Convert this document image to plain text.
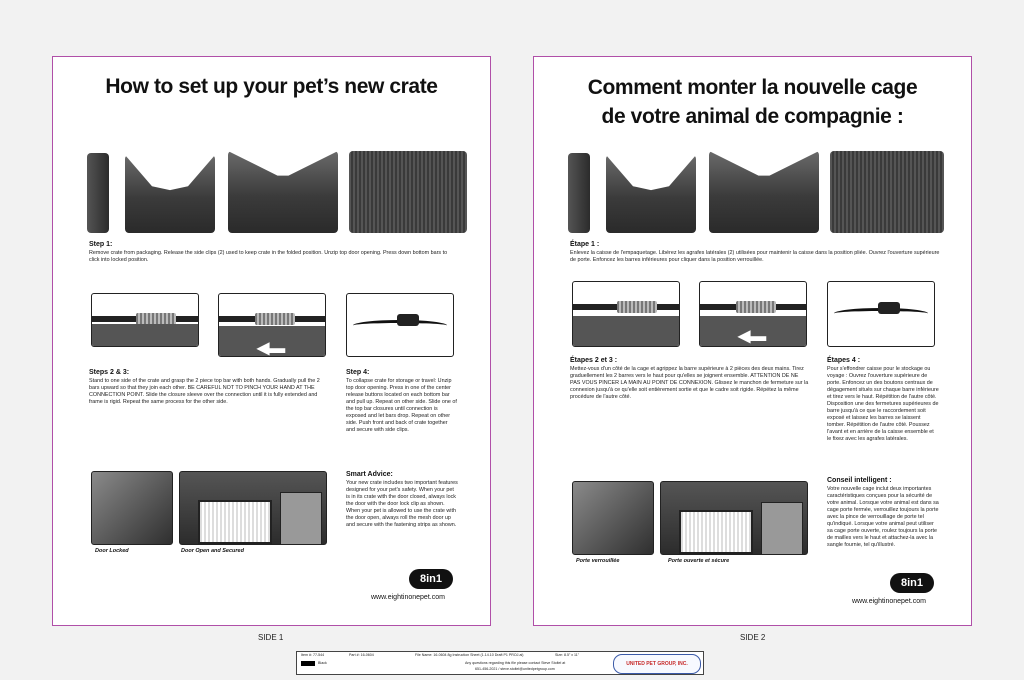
How to set up your pet’s new crate
Step 1:
Remove crate from packaging. Release the side clips (2) used to keep crate in the folded position. Unzip top door opening. Press down bottom bars to click into locked position.
◀▬
Steps 2 & 3:
Stand to one side of the crate and grasp the 2 piece top bar with both hands. Gradually pull the 2 bars upward so that they join each other. BE CAREFUL NOT TO PINCH YOUR HAND AT THE CONNECTION POINT. Slide the closure sleeve over the connection until it is fully extended and frame is rigid. Repeat the same process for the other side.
Step 4:
To collapse crate for storage or travel: Unzip top door opening. Press in one of the center release buttons located on each bottom bar and pull up. Repeat on other side. Slide one of the top bar closures until connection is exposed and let bars drop. Repeat on other side. Push front and back of crate together and secure with side clips.
Door Locked	Door Open and Secured
Smart Advice:
Your new crate includes two important features designed for your pet's safety. When your pet is in its crate with the door closed, always lock the door with the door lock clip as shown. When your pet is allowed to use the crate with the door open, always roll the mesh door up and secure with the fastening strips as shown.
8in1
www.eightinonepet.com
Comment monter la nouvelle cage
de votre animal de compagnie :
Étape 1 :
Enlevez la caisse de l'empaquetage. Libérez les agrafes latérales (2) utilisées pour maintenir la caisse dans la position pliée. Ouvrez l'ouverture supérieure de porte. Enfoncez les barres inférieures pour cliquer dans la position verrouillée.
◀▬
Étapes 2 et 3 :
Mettez-vous d'un côté de la cage et agrippez la barre supérieure à 2 pièces des deux mains. Tirez graduellement les 2 barres vers le haut pour qu'elles se joignent ensemble. ATTENTION DE NE PAS VOUS PINCER LA MAIN AU POINT DE CONNEXION. Glissez le manchon de fermeture sur la connexion jusqu'à ce qu'elle soit entièrement sortie et que le cadre soit rigide. Répétez la même procédure de l'autre côté.
Étapes 4 :
Pour s'effondrer caisse pour le stockage ou voyage : Ouvrez l'ouverture supérieure de porte. Enfoncez un des boutons centraux de dégagement situés sur chaque barre inférieure et tirez vers le haut. Répétition de l'autre côté. Disposition une des fermetures supérieures de barre jusqu'à ce que le raccordement soit exposé et laissez les barres se laissent tomber. Répétition de l'autre côté. Poussez l'avant et en arrière de la caisse ensemble et le fixez avec les agrafes latérales.
Porte verrouillée	Porte ouverte et sécure
Conseil intelligent :
Votre nouvelle cage inclut deux importantes caractéristiques conçues pour la sécurité de votre animal. Lorsque votre animal est dans sa cage porte fermée, verrouillez toujours la porte avec la pince de verrouillage de porte tel qu'indiqué. Lorsque votre animal peut utiliser sa cage porte ouverte, roulez toujours la porte de mailles vers le haut et attachez-la avec la sangle fournie, tel qu'illustré.
8in1
www.eightinonepet.com
SIDE 1	SIDE 2
Item #: 77-544	Part #: 16-0604	File Name: 16-0604 8g Instruction Sheet (1.14.10 Draft P1 PROJ.ai)	Size: 8.5" x 11"
Black	Any questions regarding this file please contact Steve Stoltel at
651-456-2021 / steve.stoltel@unitedpetgroup.com
UNITED PET GROUP, INC.
